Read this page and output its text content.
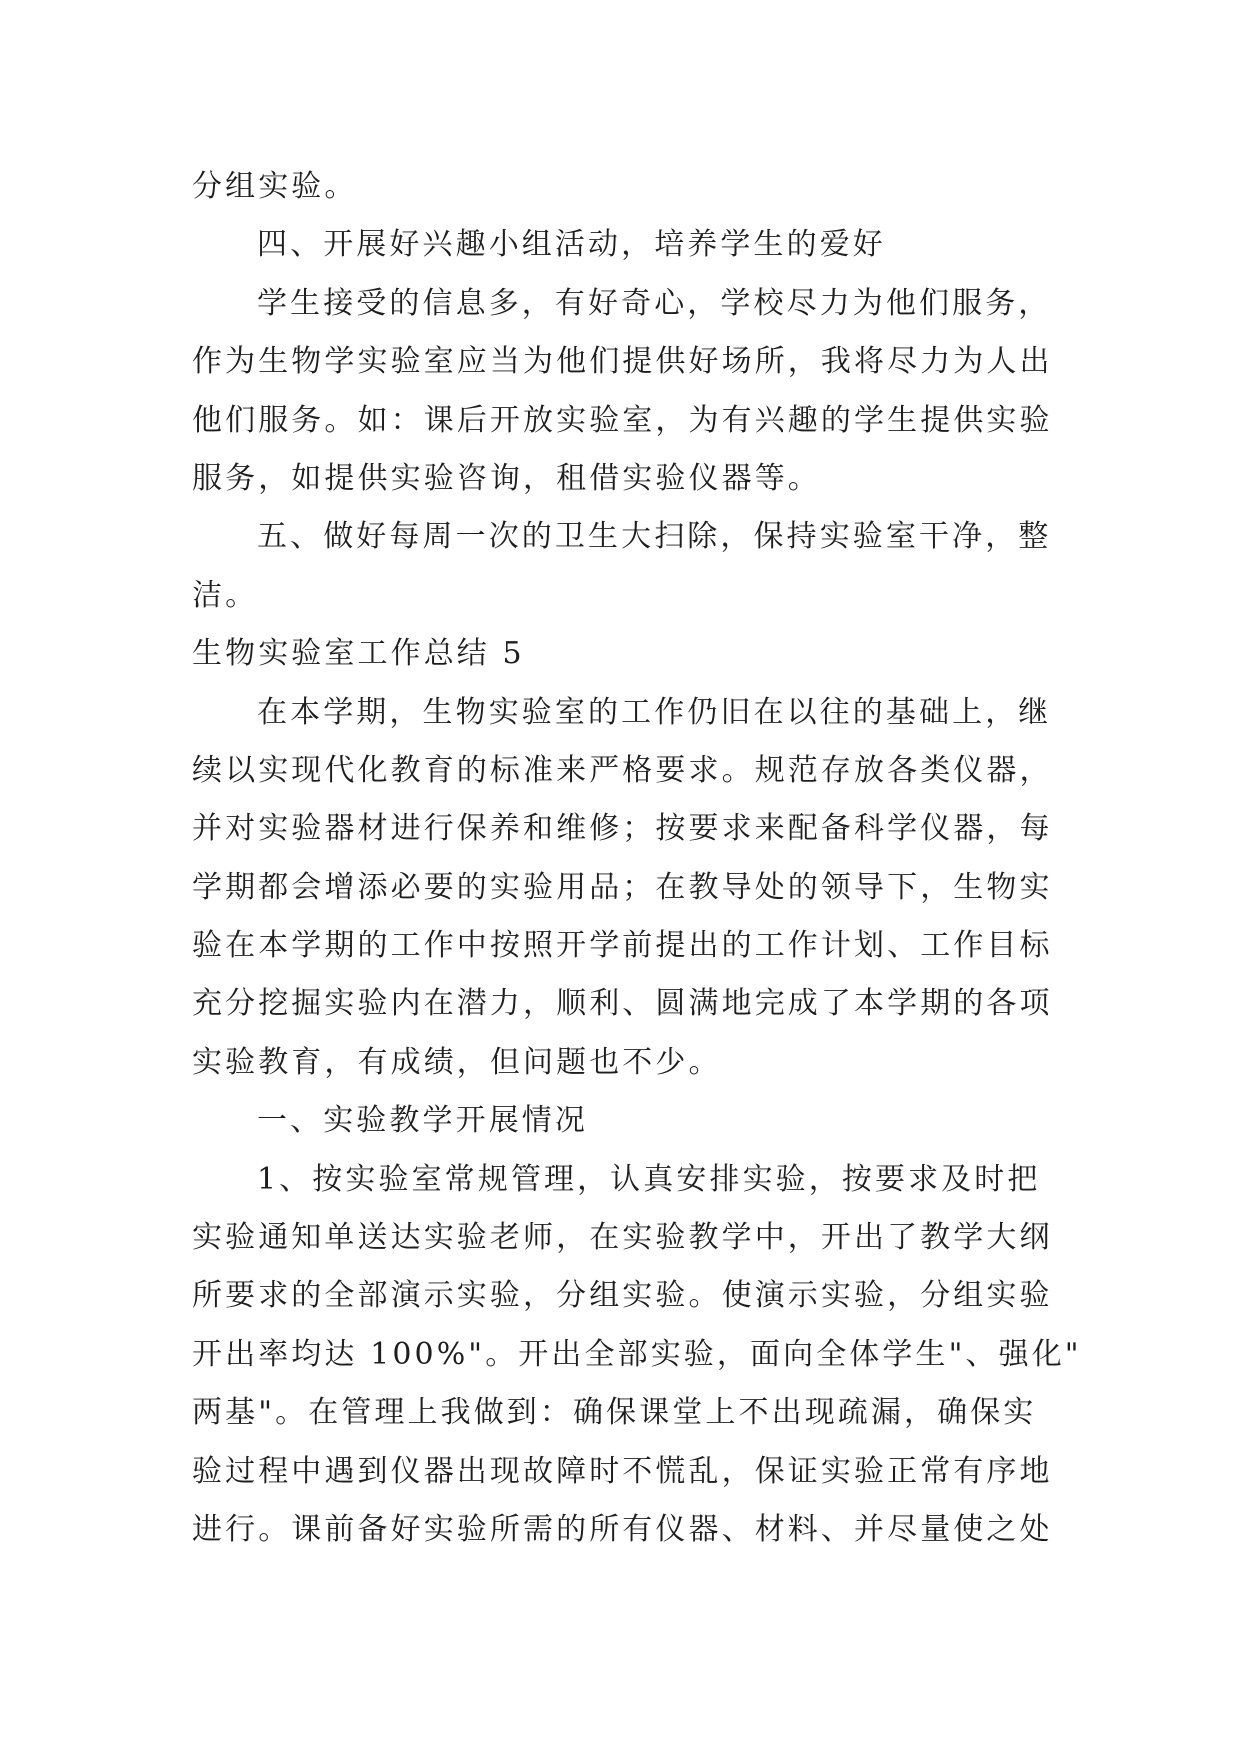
分组实验。
四、开展好兴趣小组活动，培养学生的爱好
学生接受的信息多，有好奇心，学校尽力为他们服务，
作为生物学实验室应当为他们提供好场所，我将尽力为人出
他们服务。如：课后开放实验室，为有兴趣的学生提供实验
服务，如提供实验咨询，租借实验仪器等。
五、做好每周一次的卫生大扫除，保持实验室干净，整
洁。
生物实验室工作总结 5
在本学期，生物实验室的工作仍旧在以往的基础上，继
续以实现代化教育的标准来严格要求。规范存放各类仪器，
并对实验器材进行保养和维修；按要求来配备科学仪器，每
学期都会增添必要的实验用品；在教导处的领导下，生物实
验在本学期的工作中按照开学前提出的工作计划、工作目标
充分挖掘实验内在潜力，顺利、圆满地完成了本学期的各项
实验教育，有成绩，但问题也不少。
一、实验教学开展情况
1、按实验室常规管理，认真安排实验，按要求及时把
实验通知单送达实验老师，在实验教学中，开出了教学大纲
所要求的全部演示实验，分组实验。使演示实验，分组实验
开出率均达 100%"。开出全部实验，面向全体学生"、强化"
两基"。在管理上我做到：确保课堂上不出现疏漏，确保实
验过程中遇到仪器出现故障时不慌乱，保证实验正常有序地
进行。课前备好实验所需的所有仪器、材料、并尽量使之处
